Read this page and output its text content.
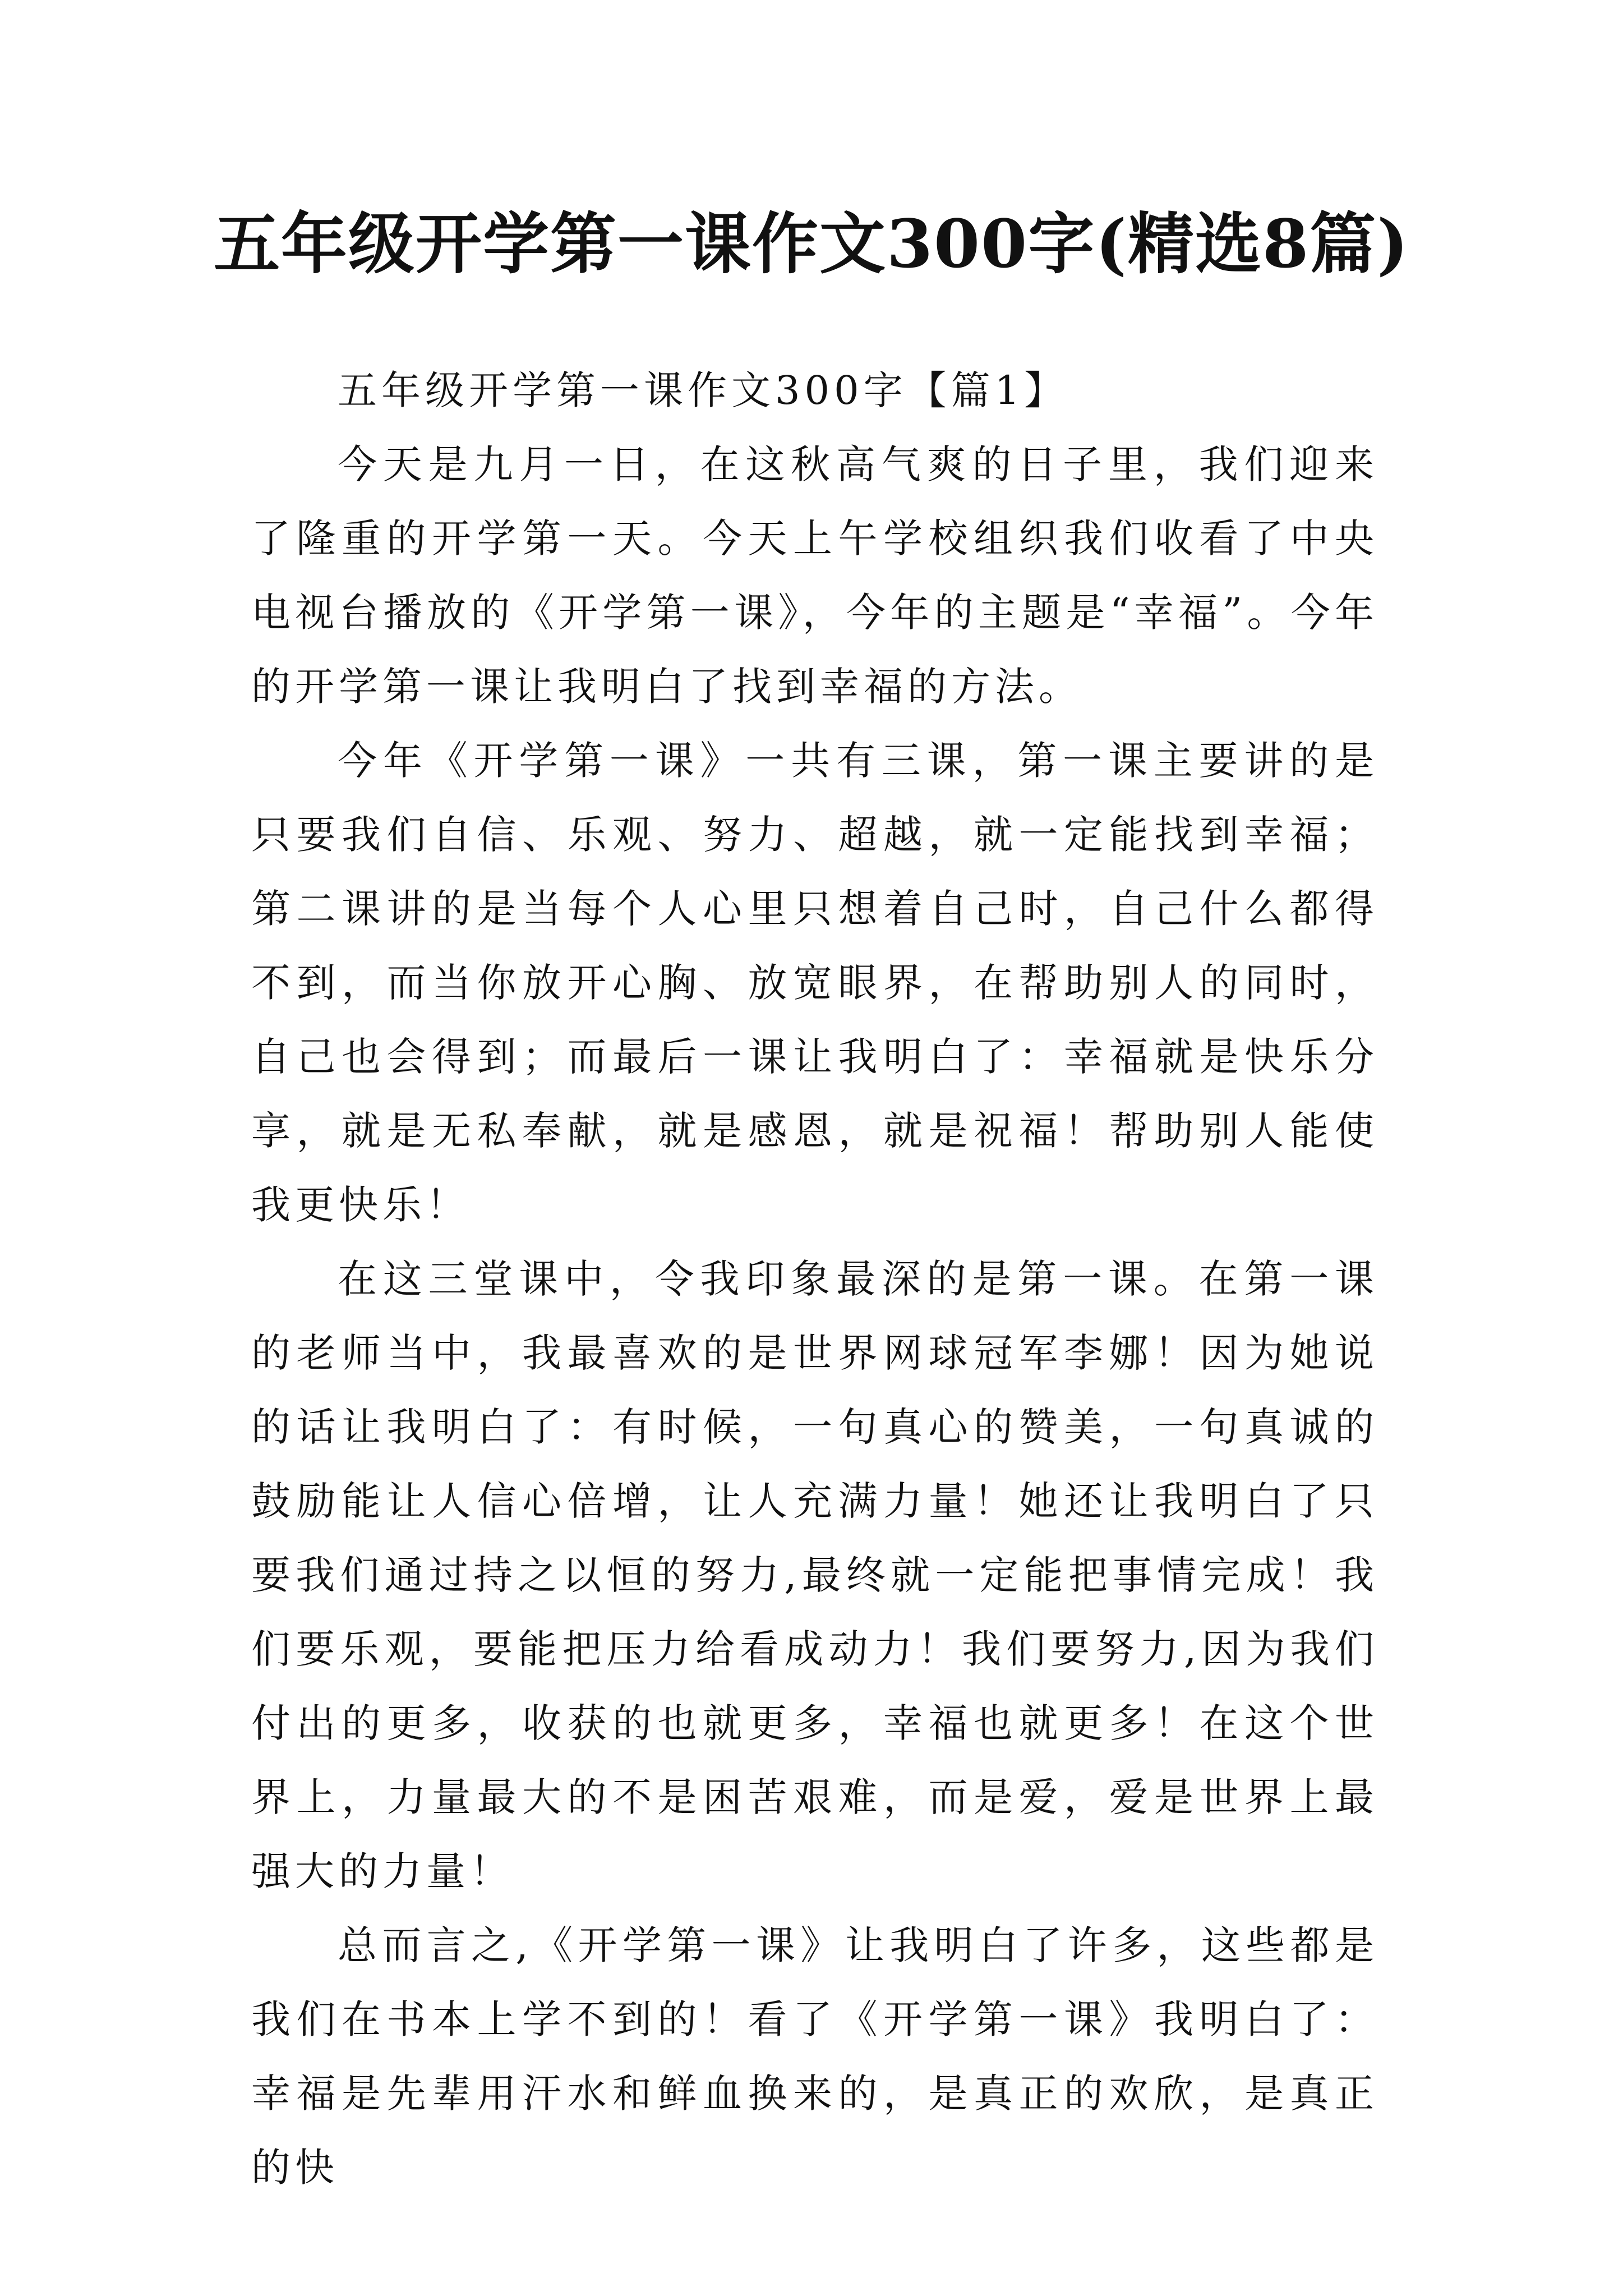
五年级开学第一课作文300字(精选8篇)

五年级开学第一课作文300字【篇1】

今天是九月一日，在这秋高气爽的日子里，我们迎来了隆重的开学第一天。今天上午学校组织我们收看了中央电视台播放的《开学第一课》，今年的主题是“幸福”。今年的开学第一课让我明白了找到幸福的方法。

今年《开学第一课》一共有三课，第一课主要讲的是只要我们自信、乐观、努力、超越，就一定能找到幸福；第二课讲的是当每个人心里只想着自己时，自己什么都得不到，而当你放开心胸、放宽眼界，在帮助别人的同时，自己也会得到；而最后一课让我明白了：幸福就是快乐分享，就是无私奉献，就是感恩，就是祝福！帮助别人能使我更快乐！

在这三堂课中，令我印象最深的是第一课。在第一课的老师当中，我最喜欢的是世界网球冠军李娜！因为她说的话让我明白了：有时候，一句真心的赞美，一句真诚的鼓励能让人信心倍增，让人充满力量！她还让我明白了只要我们通过持之以恒的努力,最终就一定能把事情完成！我们要乐观，要能把压力给看成动力！我们要努力,因为我们付出的更多，收获的也就更多，幸福也就更多！在这个世界上，力量最大的不是困苦艰难，而是爱，爱是世界上最强大的力量！

总而言之,《开学第一课》让我明白了许多，这些都是我们在书本上学不到的！看了《开学第一课》我明白了：幸福是先辈用汗水和鲜血换来的，是真正的欢欣，是真正的快
